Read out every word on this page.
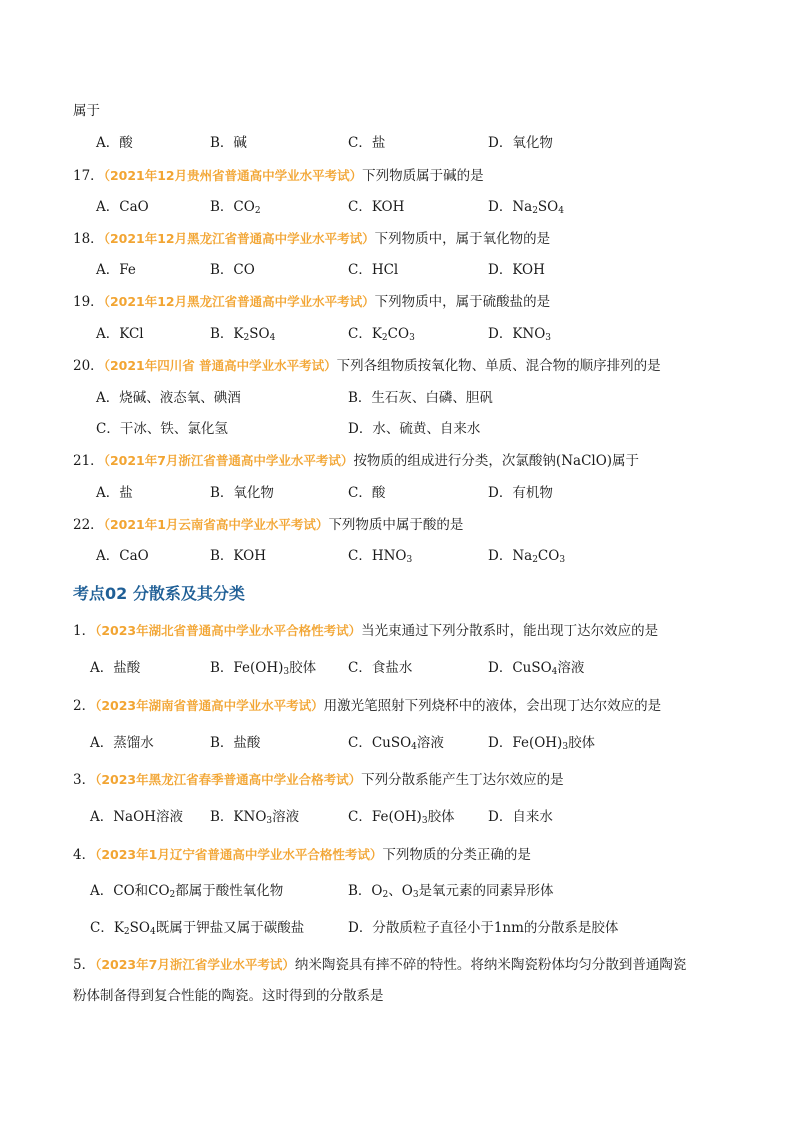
属于
A．酸	B．碱	C．盐	D．氧化物
17．（2021年12月贵州省普通高中学业水平考试）下列物质属于碱的是
A．CaO	B．$CO_2$	C．KOH	D．$Na_2SO_4$
18．（2021年12月黑龙江省普通高中学业水平考试）下列物质中，属于氧化物的是
A．Fe	B．CO	C．HCl	D．KOH
19．（2021年12月黑龙江省普通高中学业水平考试）下列物质中，属于硫酸盐的是
A．KCl	B．$K_2SO_4$	C．$K_2CO_3$	D．$KNO_3$
20．（2021年四川省 普通高中学业水平考试）下列各组物质按氧化物、单质、混合物的顺序排列的是
A．烧碱、液态氧、碘酒	B．生石灰、白磷、胆矾
C．干冰、铁、氯化氢	D．水、硫黄、自来水
21．（2021年7月浙江省普通高中学业水平考试）按物质的组成进行分类，次氯酸钠(NaClO)属于
A．盐	B．氧化物	C．酸	D．有机物
22．（2021年1月云南省高中学业水平考试）下列物质中属于酸的是
A．CaO	B．KOH	C．$HNO_3$	D．$Na_2CO_3$
考点02 分散系及其分类
1．（2023年湖北省普通高中学业水平合格性考试）当光束通过下列分散系时，能出现丁达尔效应的是
A．盐酸	B．$Fe(OH)_3$胶体 C．食盐水	D．CuSO$_4$溶液
2．（2023年湖南省普通高中学业水平考试）用激光笔照射下列烧杯中的液体，会出现丁达尔效应的是
A．蒸馏水	B．盐酸	C．CuSO$_4$溶液	D．$Fe(OH)_3$胶体
3．（2023年黑龙江省春季普通高中学业合格考试）下列分散系能产生丁达尔效应的是
A．NaOH溶液 B．$KNO_3$溶液	C．$Fe(OH)_3$胶体 D．自来水
4．（2023年1月辽宁省普通高中学业水平合格性考试）下列物质的分类正确的是
A．CO和$CO_2$都属于酸性氧化物	B．$O_2$、$O_3$是氧元素的同素异形体
C．$K_2SO_4$既属于钾盐又属于碳酸盐	D．分散质粒子直径小于1nm的分散系是胶体
5．（2023年7月浙江省学业水平考试）纳米陶瓷具有摔不碎的特性。将纳米陶瓷粉体均匀分散到普通陶瓷
粉体制备得到复合性能的陶瓷。这时得到的分散系是
